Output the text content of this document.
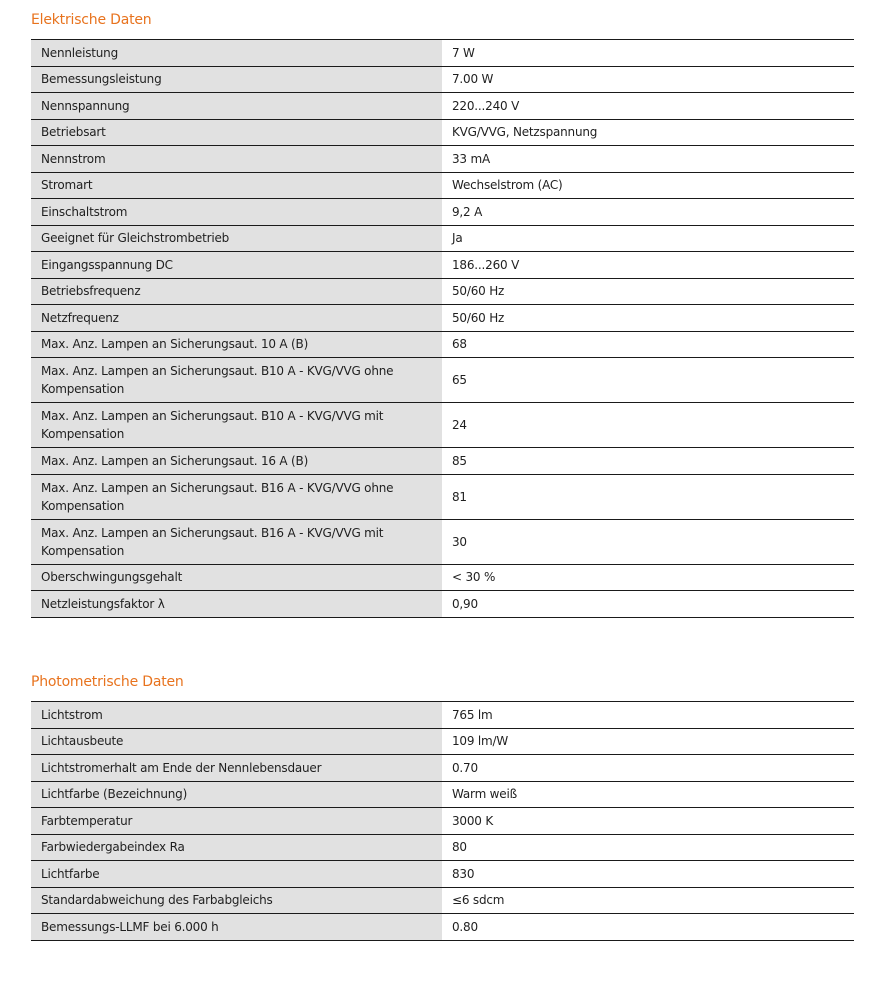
Elektrische Daten
Nennleistung	7 W
Bemessungsleistung	7.00 W
Nennspannung	220...240 V
Betriebsart	KVG/VVG, Netzspannung
Nennstrom	33 mA
Stromart	Wechselstrom (AC)
Einschaltstrom	9,2 A
Geeignet für Gleichstrombetrieb	Ja
Eingangsspannung DC	186...260 V
Betriebsfrequenz	50/60 Hz
Netzfrequenz	50/60 Hz
Max. Anz. Lampen an Sicherungsaut. 10 A (B)	68
Max. Anz. Lampen an Sicherungsaut. B10 A - KVG/VVG ohne Kompensation	65
Max. Anz. Lampen an Sicherungsaut. B10 A - KVG/VVG mit Kompensation	24
Max. Anz. Lampen an Sicherungsaut. 16 A (B)	85
Max. Anz. Lampen an Sicherungsaut. B16 A - KVG/VVG ohne Kompensation	81
Max. Anz. Lampen an Sicherungsaut. B16 A - KVG/VVG mit Kompensation	30
Oberschwingungsgehalt	< 30 %
Netzleistungsfaktor λ	0,90
Photometrische Daten
Lichtstrom	765 lm
Lichtausbeute	109 lm/W
Lichtstromerhalt am Ende der Nennlebensdauer	0.70
Lichtfarbe (Bezeichnung)	Warm weiß
Farbtemperatur	3000 K
Farbwiedergabeindex Ra	80
Lichtfarbe	830
Standardabweichung des Farbabgleichs	≤6 sdcm
Bemessungs-LLMF bei 6.000 h	0.80
